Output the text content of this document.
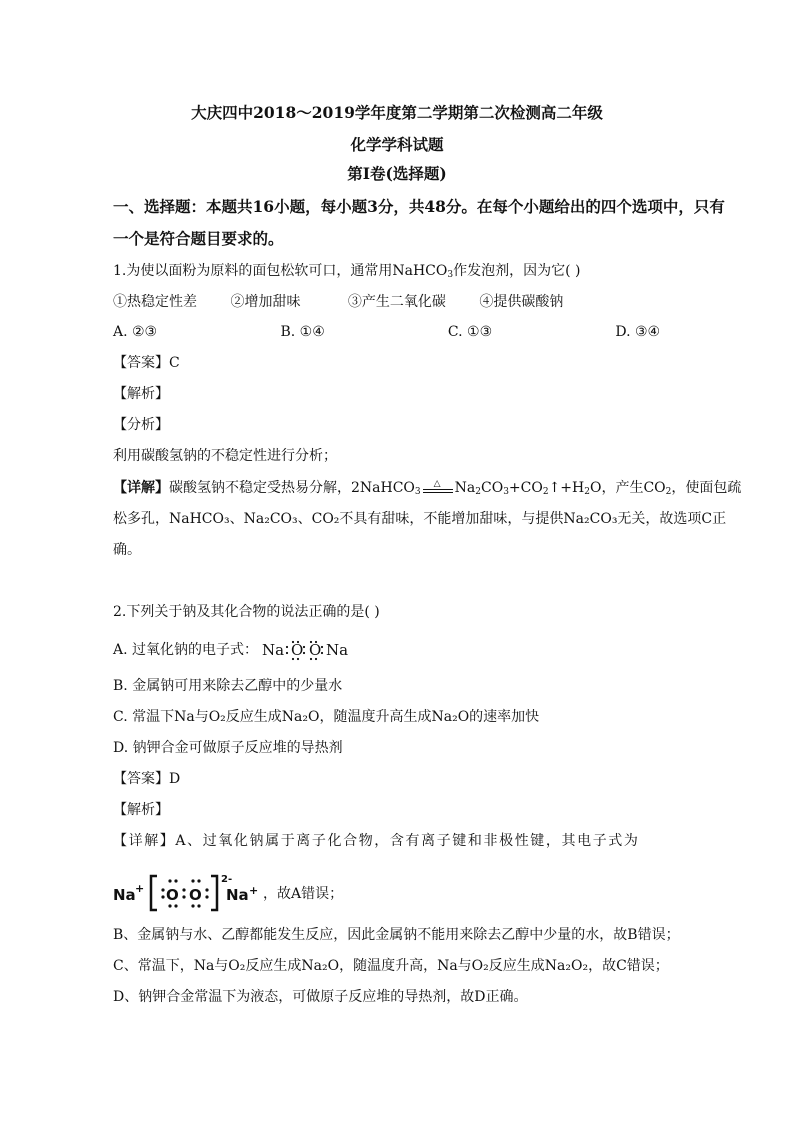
大庆四中2018～2019学年度第二学期第二次检测高二年级
化学学科试题
第Ⅰ卷(选择题)
一、选择题：本题共16小题，每小题3分，共48分。在每个小题给出的四个选项中，只有
一个是符合题目要求的。
1.为使以面粉为原料的面包松软可口，通常用NaHCO$_3$作发泡剂，因为它( )
①热稳定性差 ②增加甜味	③产生二氧化碳 ④提供碳酸钠
A. ②③	B. ①④	C. ①③	D. ③④
【答案】C
【解析】
【分析】
利用碳酸氢钠的不稳定性进行分析；
【详解】碳酸氢钠不稳定受热易分解，2NaHCO$_3$
△ $Na_2CO_3+CO_2↑+H_2O$，产生$CO_2$，使面包疏
松多孔，NaHCO₃、Na₂CO₃、CO₂不具有甜味，不能增加甜味，与提供Na₂CO₃无关，故选项C正
确。
2.下列关于钠及其化合物的说法正确的是( )
A. 过氧化钠的电子式： Na O O Na
B. 金属钠可用来除去乙醇中的少量水
C. 常温下Na与O₂反应生成Na₂O，随温度升高生成Na₂O的速率加快
D. 钠钾合金可做原子反应堆的导热剂
【答案】D
【解析】
【详解】A、过氧化钠属于离子化合物，含有离子键和非极性键，其电子式为
Na + O O
2-
Na + ，故A错误；
B、金属钠与水、乙醇都能发生反应，因此金属钠不能用来除去乙醇中少量的水，故B错误；
C、常温下，Na与O₂反应生成Na₂O，随温度升高，Na与O₂反应生成Na₂O₂，故C错误；
D、钠钾合金常温下为液态，可做原子反应堆的导热剂，故D正确。
